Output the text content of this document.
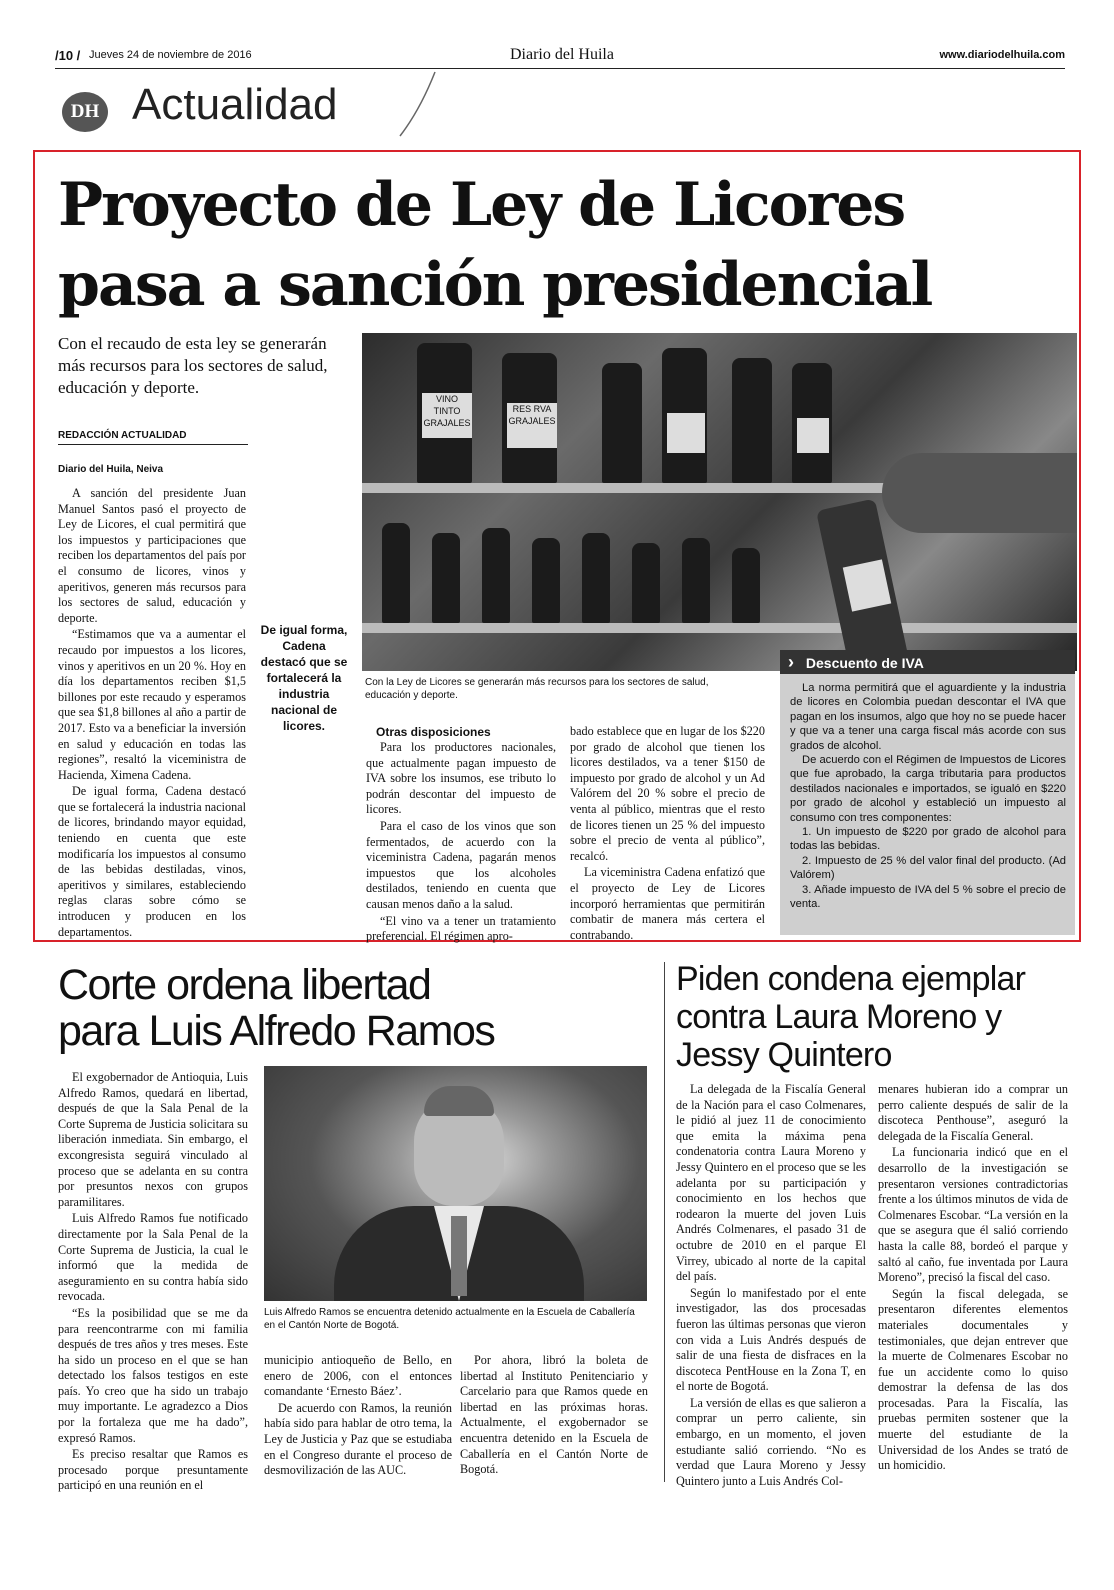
/10 / Jueves 24 de noviembre de 2016	Diario del Huila	www.diariodelhuila.com
DH Actualidad
Proyecto de Ley de Licores
pasa a sanción presidencial
Con el recaudo de esta ley se generarán más recursos para los sectores de salud, educación y deporte.
REDACCIÓN ACTUALIDAD
Diario del Huila, Neiva

A sanción del presidente Juan Manuel Santos pasó el proyecto de Ley de Licores, el cual permitirá que los impuestos y participaciones que reciben los departamentos del país por el consumo de licores, vinos y aperitivos, generen más recursos para los sectores de salud, educación y deporte.

“Estimamos que va a aumentar el recaudo por impuestos a los licores, vinos y aperitivos en un 20 %. Hoy en día los departamentos reciben $1,5 billones por este recaudo y esperamos que sea $1,8 billones al año a partir de 2017. Esto va a beneficiar la inversión en salud y educación en todas las regiones”, resaltó la viceministra de Hacienda, Ximena Cadena.

De igual forma, Cadena destacó que se fortalecerá la industria nacional de licores, brindando mayor equidad, teniendo en cuenta que este modificaría los impuestos al consumo de las bebidas destiladas, vinos, aperitivos y similares, estableciendo reglas claras sobre cómo se introducen y producen en los departamentos.

De igual forma, Cadena destacó que se fortalecerá la industria nacional de licores.
VINO TINTO
GRAJALES
RES RVA
GRAJALES
Con la Ley de Licores se generarán más recursos para los sectores de salud, educación y deporte.
Otras disposiciones

Para los productores nacionales, que actualmente pagan impuesto de IVA sobre los insumos, ese tributo lo podrán descontar del impuesto de licores.

Para el caso de los vinos que son fermentados, de acuerdo con la viceministra Cadena, pagarán menos impuestos que los alcoholes destilados, teniendo en cuenta que causan menos daño a la salud.

“El vino va a tener un tratamiento preferencial. El régimen apro-

bado establece que en lugar de los $220 por grado de alcohol que tienen los licores destilados, va a tener $150 de impuesto por grado de alcohol y un Ad Valórem del 20 % sobre el precio de venta al público, mientras que el resto de licores tienen un 25 % del impuesto sobre el precio de venta al público”, recalcó.

La viceministra Cadena enfatizó que el proyecto de Ley de Licores incorporó herramientas que permitirán combatir de manera más certera el contrabando.

› Descuento de IVA

La norma permitirá que el aguardiente y la industria de licores en Colombia puedan descontar el IVA que pagan en los insumos, algo que hoy no se puede hacer y que va a tener una carga fiscal más acorde con sus grados de alcohol.

De acuerdo con el Régimen de Impuestos de Licores que fue aprobado, la carga tributaria para productos destilados nacionales e importados, se igualó en $220 por grado de alcohol y estableció un impuesto al consumo con tres componentes:

1. Un impuesto de $220 por grado de alcohol para todas las bebidas.

2. Impuesto de 25 % del valor final del producto. (Ad Valórem)

3. Añade impuesto de IVA del 5 % sobre el precio de venta.

Corte ordena libertad
para Luis Alfredo Ramos

El exgobernador de Antioquia, Luis Alfredo Ramos, quedará en libertad, después de que la Sala Penal de la Corte Suprema de Justicia solicitara su liberación inmediata. Sin embargo, el excongresista seguirá vinculado al proceso que se adelanta en su contra por presuntos nexos con grupos paramilitares.

Luis Alfredo Ramos fue notificado directamente por la Sala Penal de la Corte Suprema de Justicia, la cual le informó que la medida de aseguramiento en su contra había sido revocada.

“Es la posibilidad que se me da para reencontrarme con mi familia después de tres años y tres meses. Este ha sido un proceso en el que se han detectado los falsos testigos en este país. Yo creo que ha sido un trabajo muy importante. Le agradezco a Dios por la fortaleza que me ha dado”, expresó Ramos.

Es preciso resaltar que Ramos es procesado porque presuntamente participó en una reunión en el

Luis Alfredo Ramos se encuentra detenido actualmente en la Escuela de Caballería en el Cantón Norte de Bogotá.

municipio antioqueño de Bello, en enero de 2006, con el entonces comandante ‘Ernesto Báez’.

De acuerdo con Ramos, la reunión había sido para hablar de otro tema, la Ley de Justicia y Paz que se estudiaba en el Congreso durante el proceso de desmovilización de las AUC.

Por ahora, libró la boleta de libertad al Instituto Penitenciario y Carcelario para que Ramos quede en libertad en las próximas horas. Actualmente, el exgobernador se encuentra detenido en la Escuela de Caballería en el Cantón Norte de Bogotá.

Piden condena ejemplar
contra Laura Moreno y
Jessy Quintero

La delegada de la Fiscalía General de la Nación para el caso Colmenares, le pidió al juez 11 de conocimiento que emita la máxima pena condenatoria contra Laura Moreno y Jessy Quintero en el proceso que se les adelanta por su participación y conocimiento en los hechos que rodearon la muerte del joven Luis Andrés Colmenares, el pasado 31 de octubre de 2010 en el parque El Virrey, ubicado al norte de la capital del país.

Según lo manifestado por el ente investigador, las dos procesadas fueron las últimas personas que vieron con vida a Luis Andrés después de salir de una fiesta de disfraces en la discoteca PentHouse en la Zona T, en el norte de Bogotá.

La versión de ellas es que salieron a comprar un perro caliente, sin embargo, en un momento, el joven estudiante salió corriendo. “No es verdad que Laura Moreno y Jessy Quintero junto a Luis Andrés Col-

menares hubieran ido a comprar un perro caliente después de salir de la discoteca Penthouse”, aseguró la delegada de la Fiscalía General.

La funcionaria indicó que en el desarrollo de la investigación se presentaron versiones contradictorias frente a los últimos minutos de vida de Colmenares Escobar. “La versión en la que se asegura que él salió corriendo hasta la calle 88, bordeó el parque y saltó al caño, fue inventada por Laura Moreno”, precisó la fiscal del caso.

Según la fiscal delegada, se presentaron diferentes elementos materiales documentales y testimoniales, que dejan entrever que la muerte de Colmenares Escobar no fue un accidente como lo quiso demostrar la defensa de las dos procesadas. Para la Fiscalía, las pruebas permiten sostener que la muerte del estudiante de la Universidad de los Andes se trató de un homicidio.
